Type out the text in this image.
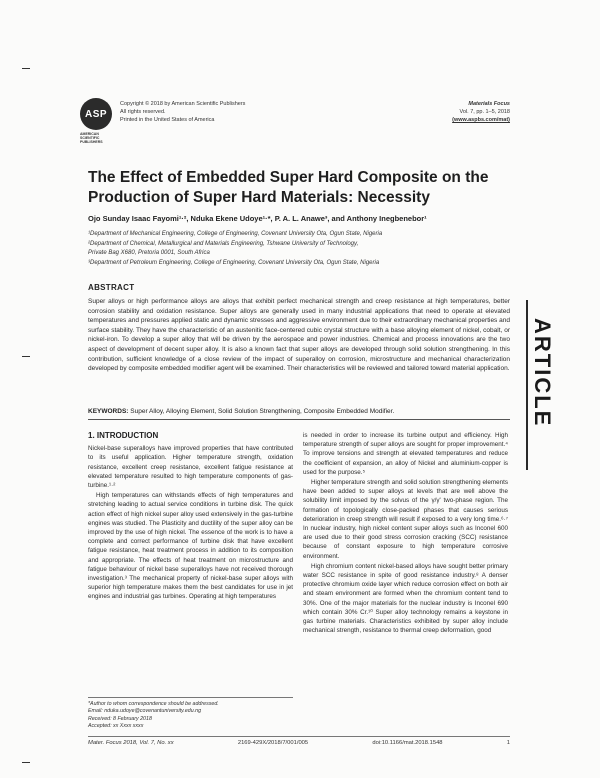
ASP
AMERICAN SCIENTIFIC PUBLISHERS
Copyright © 2018 by American Scientific Publishers
All rights reserved.
Printed in the United States of America
Materials Focus
Vol. 7, pp. 1–5, 2018
(www.aspbs.com/mat)
The Effect of Embedded Super Hard Composite on the Production of Super Hard Materials: Necessity
Ojo Sunday Isaac Fayomi¹·², Nduka Ekene Udoye¹·*, P. A. L. Anawe³, and Anthony Inegbenebor¹
¹Department of Mechanical Engineering, College of Engineering, Covenant University Ota, Ogun State, Nigeria
²Department of Chemical, Metallurgical and Materials Engineering, Tshwane University of Technology,
Private Bag X680, Pretoria 0001, South Africa
³Department of Petroleum Engineering, College of Engineering, Covenant University Ota, Ogun State, Nigeria
ABSTRACT
Super alloys or high performance alloys are alloys that exhibit perfect mechanical strength and creep resistance at high temperatures, better corrosion stability and oxidation resistance. Super alloys are generally used in many industrial applications that need to operate at elevated temperatures and pressures applied static and dynamic stresses and aggressive environment due to their extraordinary mechanical properties and surface stability. They have the characteristic of an austenitic face-centered cubic crystal structure with a base alloying element of nickel, cobalt, or nickel-iron. To develop a super alloy that will be driven by the aerospace and power industries. Chemical and process innovations are the two aspect of development of decent super alloy. It is also a known fact that super alloys are developed through solid solution strengthening. In this contribution, sufficient knowledge of a close review of the impact of superalloy on corrosion, microstructure and mechanical characterization developed by composite embedded modifier agent will be examined. Their characteristics will be reviewed and tailored toward material application.
KEYWORDS: Super Alloy, Alloying Element, Solid Solution Strengthening, Composite Embedded Modifier.	ARTICLE
1. INTRODUCTION

Nickel-base superalloys have improved properties that have contributed to its useful application. Higher temperature strength, oxidation resistance, excellent creep resistance, excellent fatigue resistance at elevated temperature resulted to high temperature components of gas-turbine.¹·²

High temperatures can withstands effects of high temperatures and stretching leading to actual service conditions in turbine disk. The quick action effect of high nickel super alloy used extensively in the gas-turbine engines was studied. The Plasticity and ductility of the super alloy can be improved by the use of high nickel. The essence of the work is to have a complete and correct performance of turbine disk that have excellent fatigue resistance, heat treatment process in addition to its composition and appropriate. The effects of heat treatment on microstructure and fatigue behaviour of nickel base superalloys have not received thorough investigation.³ The mechanical property of nickel-base super alloys with superior high temperature makes them the best candidates for use in jet engines and industrial gas turbines. Operating at high temperatures

is needed in order to increase its turbine output and efficiency. High temperature strength of super alloys are sought for proper improvement.⁴ To improve tensions and strength at elevated temperatures and reduce the coefficient of expansion, an alloy of Nickel and aluminium-copper is used for the purpose.⁵

Higher temperature strength and solid solution strengthening elements have been added to super alloys at levels that are well above the solubility limit imposed by the solvus of the γ/γ' two-phase region. The formation of topologically close-packed phases that causes serious deterioration in creep strength will result if exposed to a very long time.⁶·⁷ In nuclear industry, high nickel content super alloys such as Inconel 600 are used due to their good stress corrosion cracking (SCC) resistance because of constant exposure to high temperature corrosive environment.

High chromium content nickel-based alloys have sought better primary water SCC resistance in spite of good resistance industry.⁸ A denser protective chromium oxide layer which reduce corrosion effect on both air and steam environment are formed when the chromium content tend to 30%. One of the major materials for the nuclear industry is Inconel 690 which contain 30% Cr.¹⁰ Super alloy technology remains a keystone in gas turbine materials. Characteristics exhibited by super alloy include mechanical strength, resistance to thermal creep deformation, good

*Author to whom correspondence should be addressed.
Email: nduka.udoye@covenantuniversity.edu.ng
Received: 8 February 2018
Accepted: xx Xxxx xxxx
Mater. Focus 2018, Vol. 7, No. xx	2169-429X/2018/7/001/005	doi:10.1166/mat.2018.1548	1
